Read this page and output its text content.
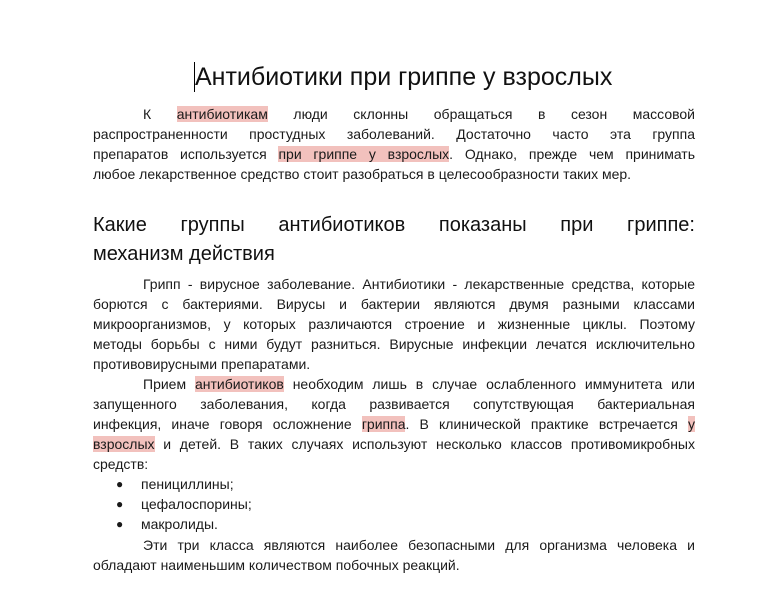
Антибиотики при гриппе у взрослых
К антибиотикам люди склонны обращаться в сезон массовой
распространенности простудных заболеваний. Достаточно часто эта группа
препаратов используется при гриппе у взрослых. Однако, прежде чем принимать
любое лекарственное средство стоит разобраться в целесообразности таких мер.
Какие группы антибиотиков показаны при гриппе:
механизм действия
Грипп - вирусное заболевание. Антибиотики - лекарственные средства, которые
борются с бактериями. Вирусы и бактерии являются двумя разными классами
микроорганизмов, у которых различаются строение и жизненные циклы. Поэтому
методы борьбы с ними будут разниться. Вирусные инфекции лечатся исключительно
противовирусными препаратами.
Прием антибиотиков необходим лишь в случае ослабленного иммунитета или
запущенного заболевания, когда развивается сопутствующая бактериальная
инфекция, иначе говоря осложнение гриппа. В клинической практике встречается у
взрослых и детей. В таких случаях используют несколько классов противомикробных
средств:
● пенициллины;
● цефалоспорины;
● макролиды.
Эти три класса являются наиболее безопасными для организма человека и
обладают наименьшим количеством побочных реакций.
